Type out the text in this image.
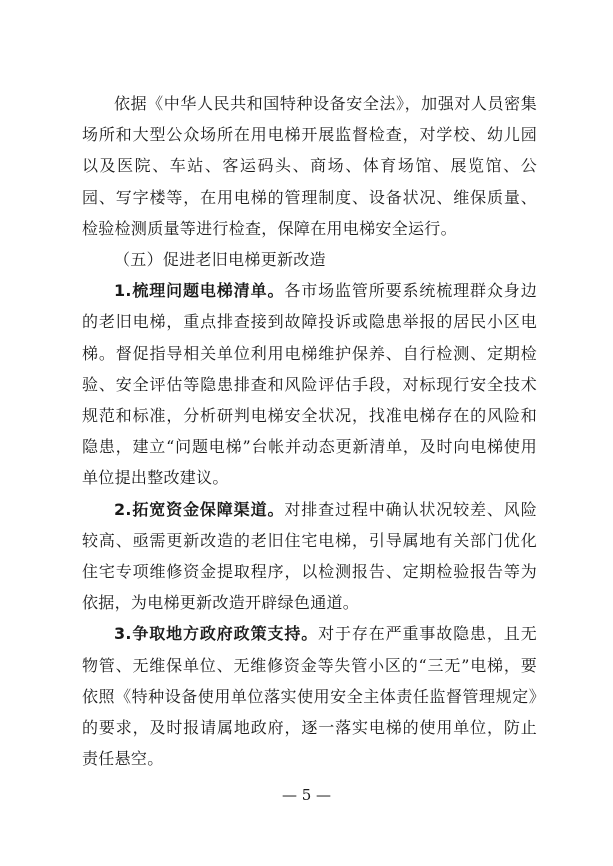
依据《中华人民共和国特种设备安全法》，加强对人员密集场所和大型公众场所在用电梯开展监督检查，对学校、幼儿园以及医院、车站、客运码头、商场、体育场馆、展览馆、公园、写字楼等，在用电梯的管理制度、设备状况、维保质量、检验检测质量等进行检查，保障在用电梯安全运行。

（五）促进老旧电梯更新改造

1.梳理问题电梯清单。各市场监管所要系统梳理群众身边的老旧电梯，重点排查接到故障投诉或隐患举报的居民小区电梯。督促指导相关单位利用电梯维护保养、自行检测、定期检验、安全评估等隐患排查和风险评估手段，对标现行安全技术规范和标准，分析研判电梯安全状况，找准电梯存在的风险和隐患，建立“问题电梯”台帐并动态更新清单，及时向电梯使用单位提出整改建议。

2.拓宽资金保障渠道。对排查过程中确认状况较差、风险较高、亟需更新改造的老旧住宅电梯，引导属地有关部门优化住宅专项维修资金提取程序，以检测报告、定期检验报告等为依据，为电梯更新改造开辟绿色通道。

3.争取地方政府政策支持。对于存在严重事故隐患，且无物管、无维保单位、无维修资金等失管小区的“三无”电梯，要依照《特种设备使用单位落实使用安全主体责任监督管理规定》的要求，及时报请属地政府，逐一落实电梯的使用单位，防止责任悬空。

— 5 —
